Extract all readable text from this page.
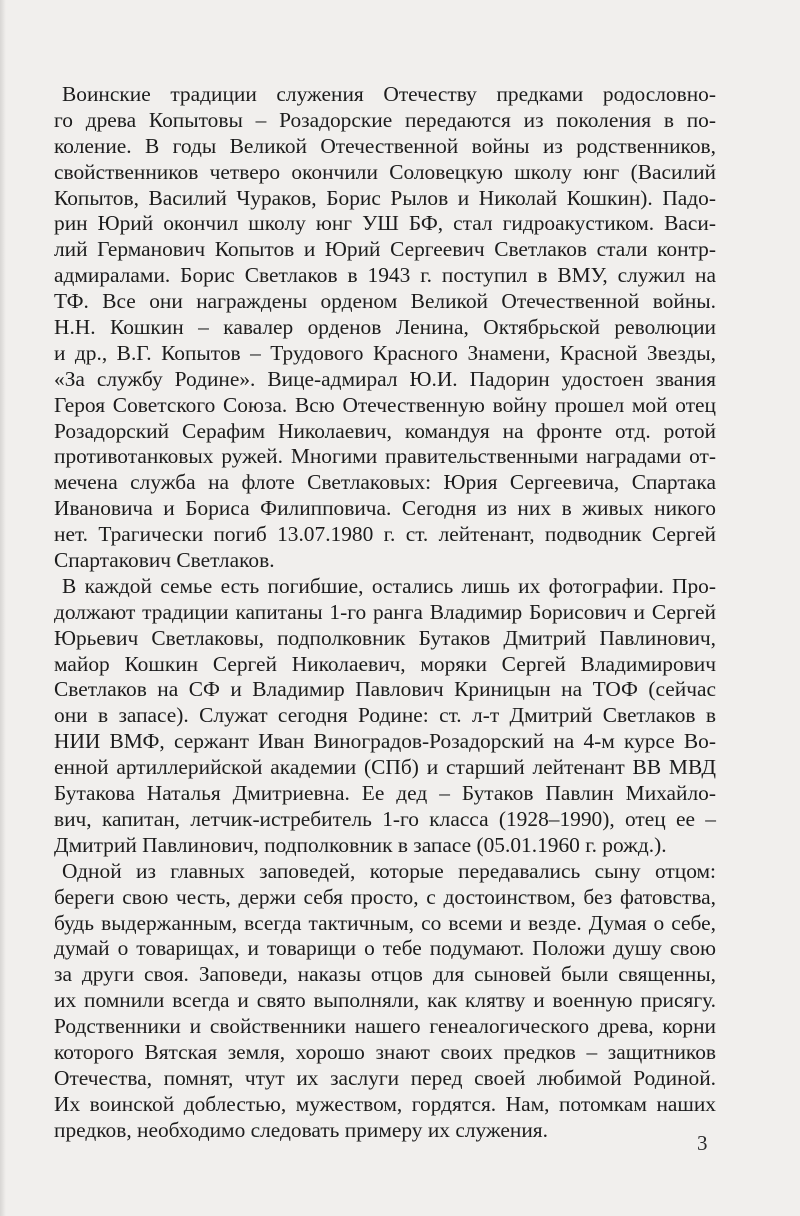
Воинские традиции служения Отечеству предками родословно-
го древа Копытовы – Розадорские передаются из поколения в по-
коление. В годы Великой Отечественной войны из родственников,
свойственников четверо окончили Соловецкую школу юнг (Василий
Копытов, Василий Чураков, Борис Рылов и Николай Кошкин). Падо-
рин Юрий окончил школу юнг УШ БФ, стал гидроакустиком. Васи-
лий Германович Копытов и Юрий Сергеевич Светлаков стали контр-
адмиралами. Борис Светлаков в 1943 г. поступил в ВМУ, служил на
ТФ. Все они награждены орденом Великой Отечественной войны.
Н.Н. Кошкин – кавалер орденов Ленина, Октябрьской революции
и др., В.Г. Копытов – Трудового Красного Знамени, Красной Звезды,
«За службу Родине». Вице-адмирал Ю.И. Падорин удостоен звания
Героя Советского Союза. Всю Отечественную войну прошел мой отец
Розадорский Серафим Николаевич, командуя на фронте отд. ротой
противотанковых ружей. Многими правительственными наградами от-
мечена служба на флоте Светлаковых: Юрия Сергеевича, Спартака
Ивановича и Бориса Филипповича. Сегодня из них в живых никого
нет. Трагически погиб 13.07.1980 г. ст. лейтенант, подводник Сергей
Спартакович Светлаков.
В каждой семье есть погибшие, остались лишь их фотографии. Про-
должают традиции капитаны 1-го ранга Владимир Борисович и Сергей
Юрьевич Светлаковы, подполковник Бутаков Дмитрий Павлинович,
майор Кошкин Сергей Николаевич, моряки Сергей Владимирович
Светлаков на СФ и Владимир Павлович Криницын на ТОФ (сейчас
они в запасе). Служат сегодня Родине: ст. л-т Дмитрий Светлаков в
НИИ ВМФ, сержант Иван Виноградов-Розадорский на 4-м курсе Во-
енной артиллерийской академии (СПб) и старший лейтенант ВВ МВД
Бутакова Наталья Дмитриевна. Ее дед – Бутаков Павлин Михайло-
вич, капитан, летчик-истребитель 1-го класса (1928–1990), отец ее –
Дмитрий Павлинович, подполковник в запасе (05.01.1960 г. рожд.).
Одной из главных заповедей, которые передавались сыну отцом:
береги свою честь, держи себя просто, с достоинством, без фатовства,
будь выдержанным, всегда тактичным, со всеми и везде. Думая о себе,
думай о товарищах, и товарищи о тебе подумают. Положи душу свою
за други своя. Заповеди, наказы отцов для сыновей были священны,
их помнили всегда и свято выполняли, как клятву и военную присягу.
Родственники и свойственники нашего генеалогического древа, корни
которого Вятская земля, хорошо знают своих предков – защитников
Отечества, помнят, чтут их заслуги перед своей любимой Родиной.
Их воинской доблестью, мужеством, гордятся. Нам, потомкам наших
предков, необходимо следовать примеру их служения.
3
